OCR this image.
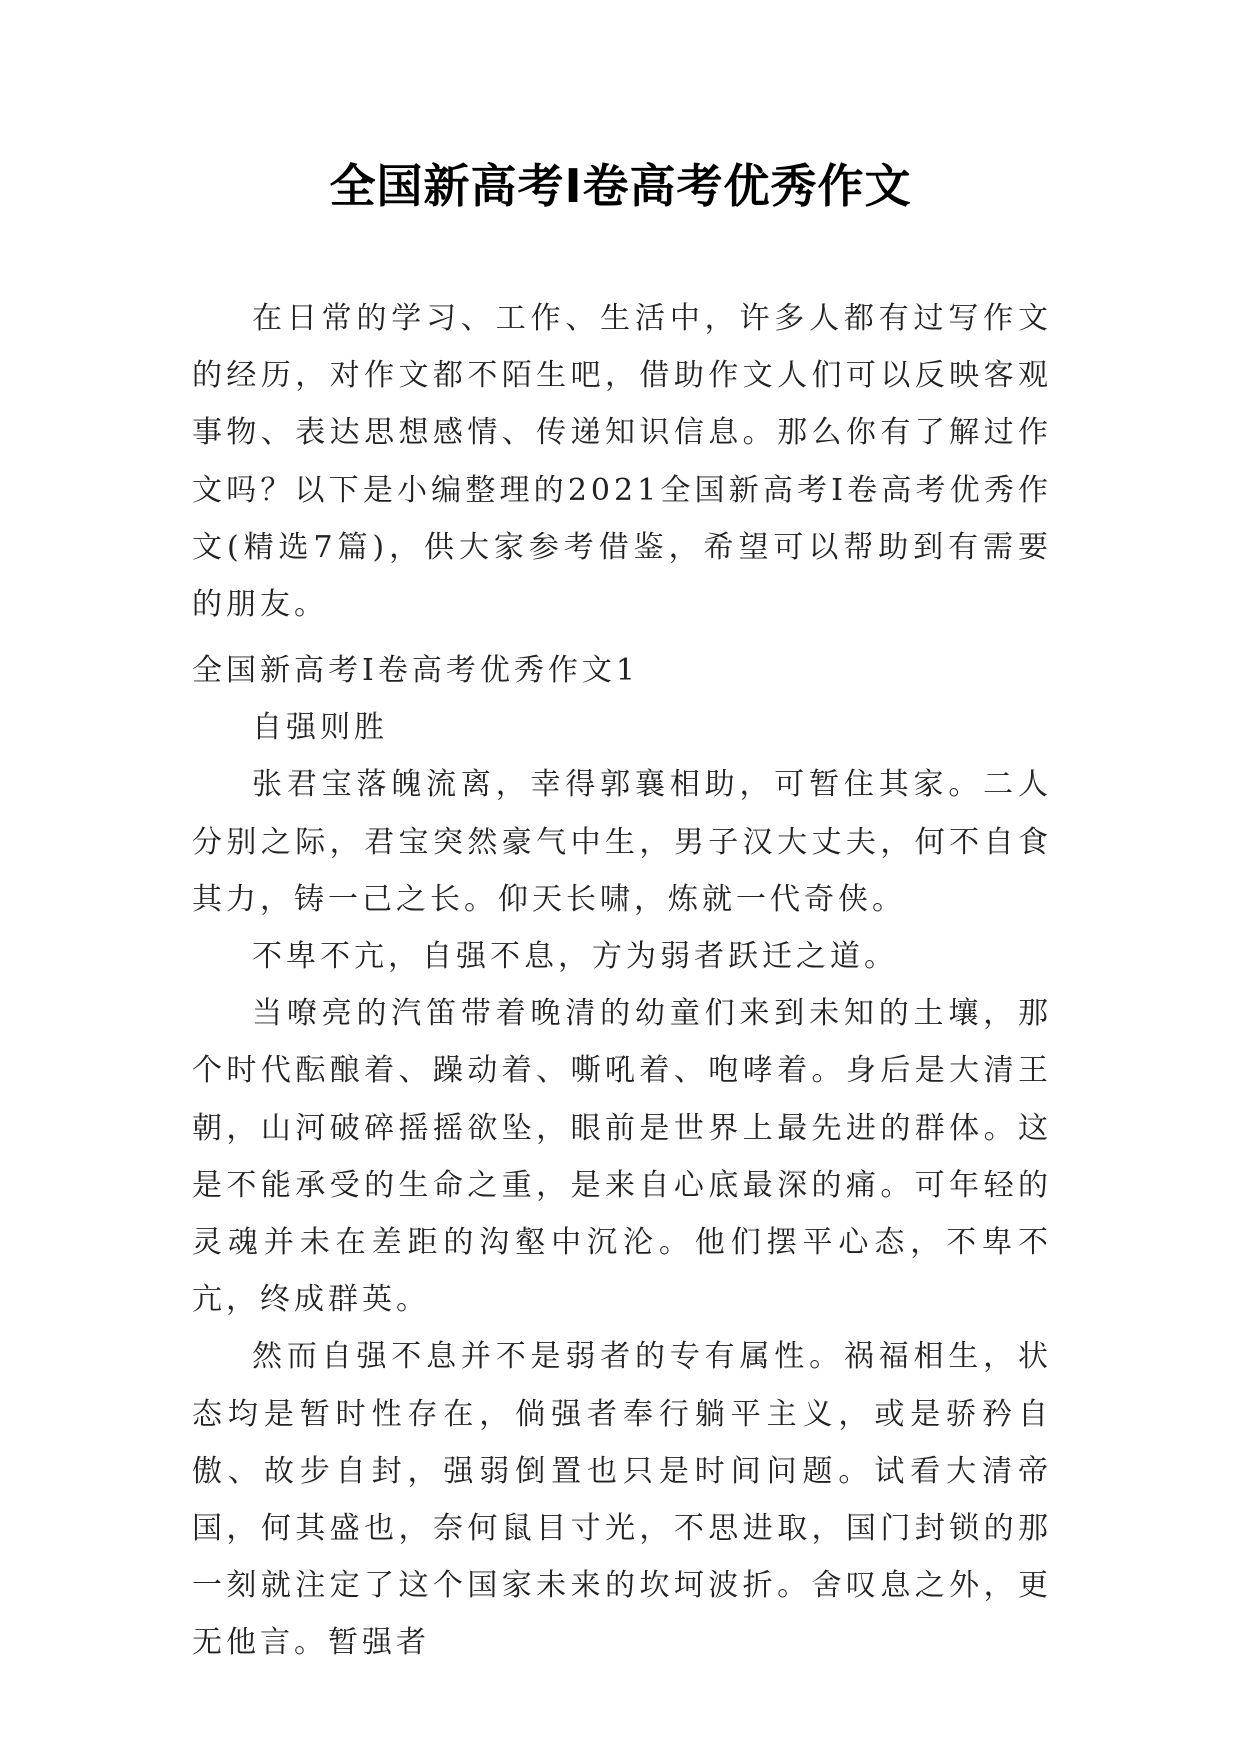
全国新高考Ⅰ卷高考优秀作文

在日常的学习、工作、生活中，许多人都有过写作文的经历，对作文都不陌生吧，借助作文人们可以反映客观事物、表达思想感情、传递知识信息。那么你有了解过作文吗？以下是小编整理的2021全国新高考Ⅰ卷高考优秀作文(精选7篇)，供大家参考借鉴，希望可以帮助到有需要的朋友。

全国新高考Ⅰ卷高考优秀作文1

自强则胜

张君宝落魄流离，幸得郭襄相助，可暂住其家。二人分别之际，君宝突然豪气中生，男子汉大丈夫，何不自食其力，铸一己之长。仰天长啸，炼就一代奇侠。

不卑不亢，自强不息，方为弱者跃迁之道。

当嘹亮的汽笛带着晚清的幼童们来到未知的土壤，那个时代酝酿着、躁动着、嘶吼着、咆哮着。身后是大清王朝，山河破碎摇摇欲坠，眼前是世界上最先进的群体。这是不能承受的生命之重，是来自心底最深的痛。可年轻的灵魂并未在差距的沟壑中沉沦。他们摆平心态，不卑不亢，终成群英。

然而自强不息并不是弱者的专有属性。祸福相生，状态均是暂时性存在，倘强者奉行躺平主义，或是骄矜自傲、故步自封，强弱倒置也只是时间问题。试看大清帝国，何其盛也，奈何鼠目寸光，不思进取，国门封锁的那一刻就注定了这个国家未来的坎坷波折。舍叹息之外，更无他言。暂强者
